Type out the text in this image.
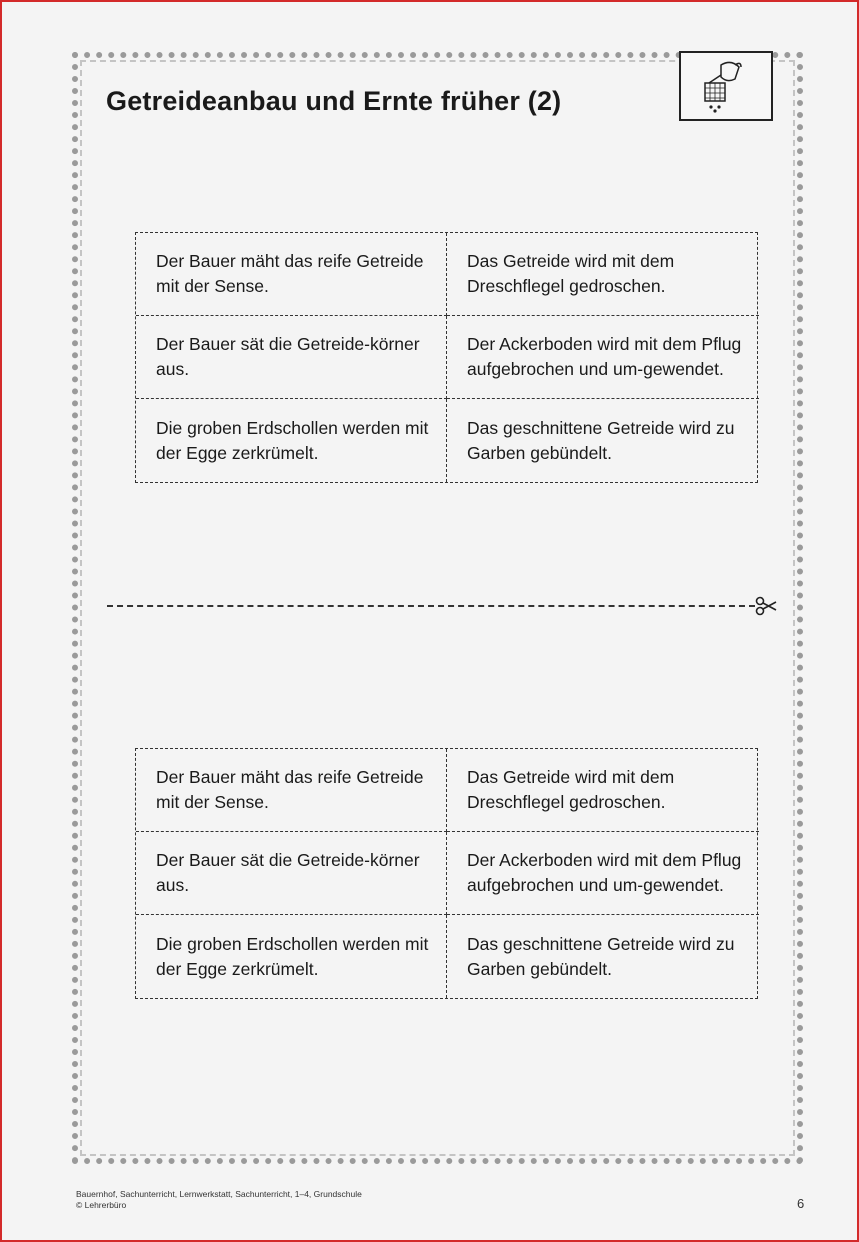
Getreideanbau und Ernte früher (2)
Der Bauer mäht das reife Getreide mit der Sense.
Das Getreide wird mit dem Dreschflegel gedroschen.
Der Bauer sät die Getreide-körner aus.
Der Ackerboden wird mit dem Pflug aufgebrochen und um-gewendet.
Die groben Erdschollen werden mit der Egge zerkrümelt.
Das geschnittene Getreide wird zu Garben gebündelt.
Der Bauer mäht das reife Getreide mit der Sense.
Das Getreide wird mit dem Dreschflegel gedroschen.
Der Bauer sät die Getreide-körner aus.
Der Ackerboden wird mit dem Pflug aufgebrochen und um-gewendet.
Die groben Erdschollen werden mit der Egge zerkrümelt.
Das geschnittene Getreide wird zu Garben gebündelt.
Bauernhof, Sachunterricht, Lernwerkstatt, Sachunterricht, 1–4, Grundschule
© Lehrerbüro	6
